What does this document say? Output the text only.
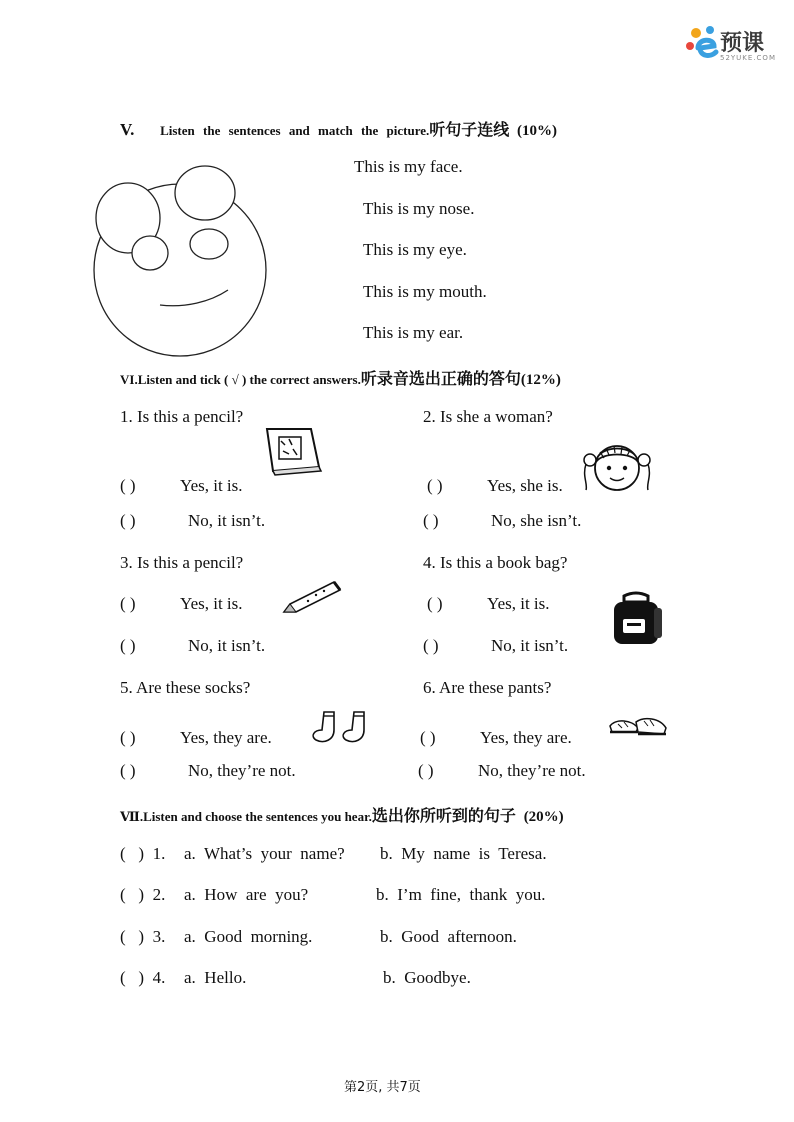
预课
52YUKE.COM
V. Listen the sentences and match the picture.听句子连线 (10%)
This is my face.
This is my nose.
This is my eye.
This is my mouth.
This is my ear.
VI.Listen and tick ( √ ) the correct answers.听录音选出正确的答句(12%)
1. Is this a pencil?
( )	Yes, it is.
( )	No, it isn’t.
2. Is she a woman?
( )	Yes, she is.
( )	No, she isn’t.
3. Is this a pencil?
( )	Yes, it is.
( )	No, it isn’t.
4. Is this a book bag?
( )	Yes, it is.
( )	No, it isn’t.
5. Are these socks?
( )	Yes, they are.
( )	No, they’re not.
6. Are these pants?
( )	Yes, they are.
( )	No, they’re not.
Ⅶ.Listen and choose the sentences you hear.选出你所听到的句子 (20%)
(   )  1. a.  What’s  your  name? b.  My  name  is  Teresa.
(   )  2. a.  How  are  you?	b.  I’m  fine,  thank  you.
(   )  3. a.  Good  morning.	b.  Good  afternoon.
(   )  4. a.  Hello.	b.  Goodbye.
第2页, 共7页
